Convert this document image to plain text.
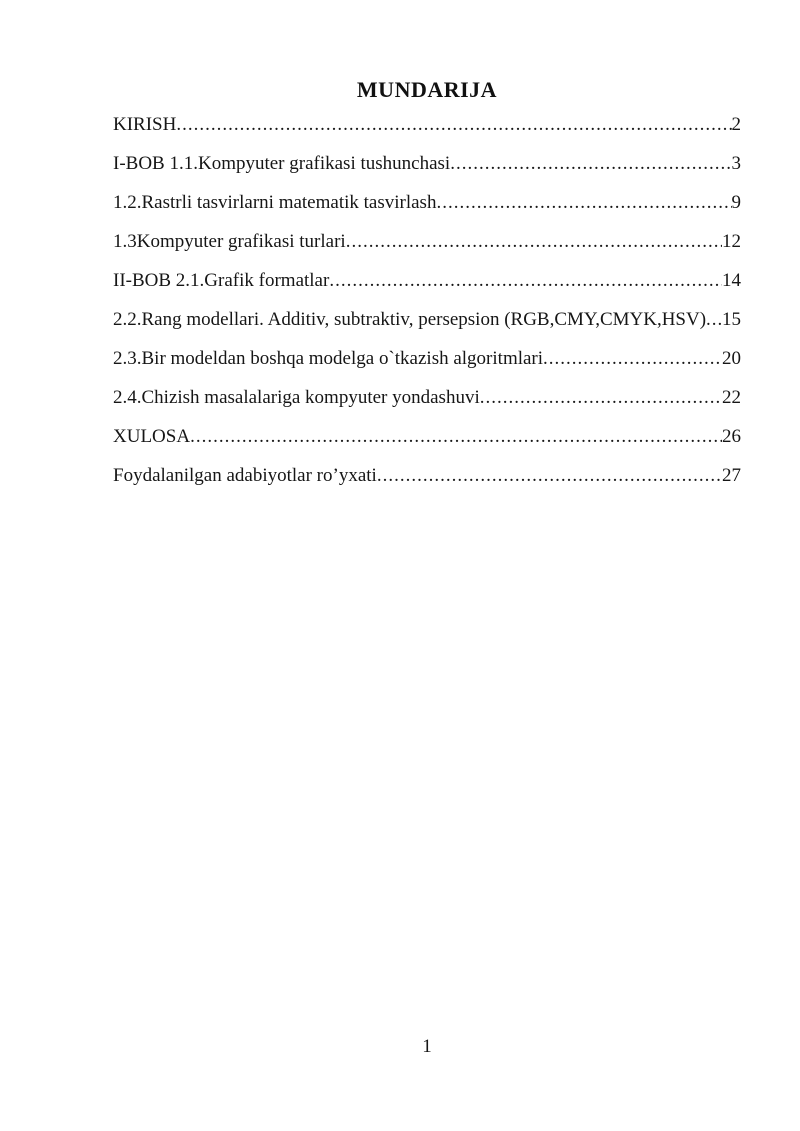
MUNDARIJA
KIRISH .....	2
I-BOB 1.1.Kompyuter grafikasi tushunchasi .....	3
1.2.Rastrli tasvirlarni matematik tasvirlash .....	9
1.3Kompyuter grafikasi turlari .....	12
II-BOB 2.1.Grafik formatlar .....	14
2.2.Rang modellari. Additiv, subtraktiv, persepsion (RGB,CMY,CMYK,HSV) ..... 15
2.3.Bir modeldan boshqa modelga o`tkazish algoritmlari .....	20
2.4.Chizish masalalariga kompyuter yondashuvi .....	22
XULOSA .....	26
Foydalanilgan adabiyotlar ro’yxati .....	27
1
